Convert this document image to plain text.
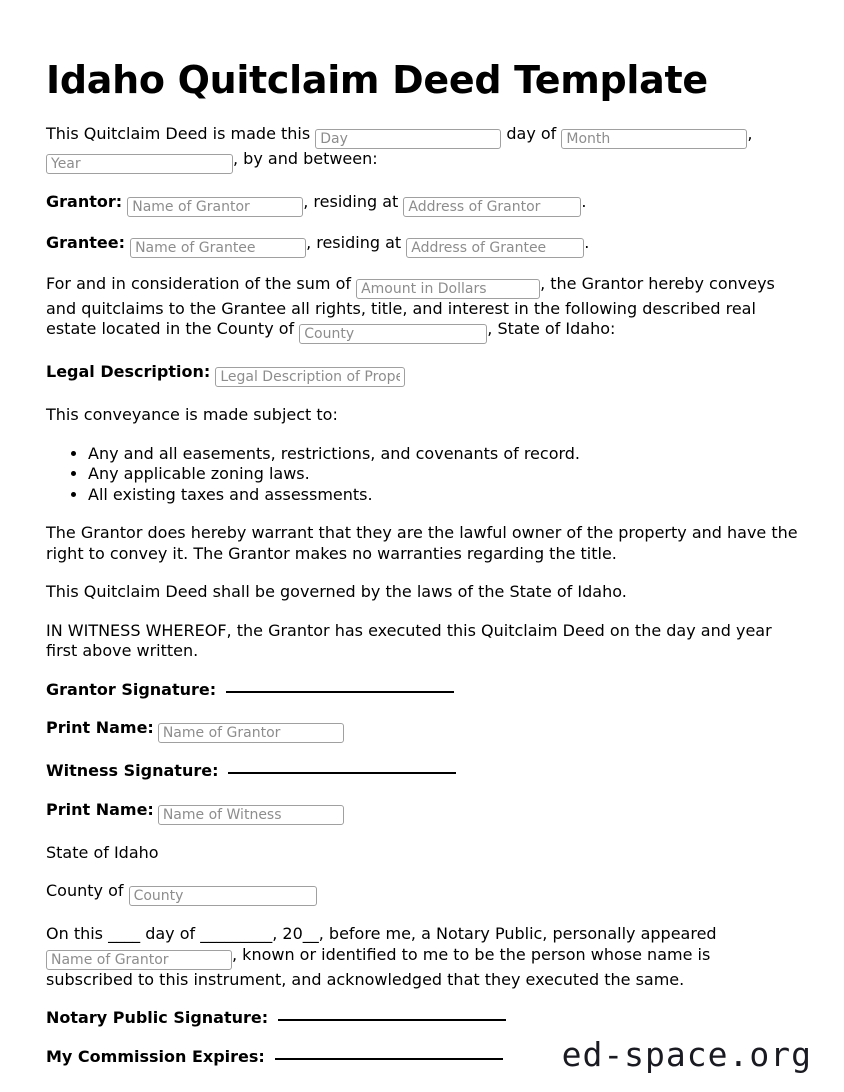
Idaho Quitclaim Deed Template

This Quitclaim Deed is made this Day	day of Month	, Year, by and between:

Grantor: Name of Grantor	, residing at Address of Grantor	.

Grantee: Name of Grantee	, residing at Address of Grantee	.

For and in consideration of the sum of Amount in Dollars	, the Grantor hereby conveys and quitclaims to the Grantee all rights, title, and interest in the following described real estate located in the County of County	, State of Idaho:

Legal Description: Legal Description of Property

This conveyance is made subject to:

• Any and all easements, restrictions, and covenants of record.
• Any applicable zoning laws.
• All existing taxes and assessments.

The Grantor does hereby warrant that they are the lawful owner of the property and have the right to convey it. The Grantor makes no warranties regarding the title.

This Quitclaim Deed shall be governed by the laws of the State of Idaho.

IN WITNESS WHEREOF, the Grantor has executed this Quitclaim Deed on the day and year first above written.

Grantor Signature:
Print Name:Name of Grantor
Witness Signature:
Print Name:Name of Witness
State of Idaho
County of County

On this ____ day of _________, 20__, before me, a Notary Public, personally appeared Name of Grantor, known or identified to me to be the person whose name is subscribed to this instrument, and acknowledged that they executed the same.

Notary Public Signature:
My Commission Expires:	ed-space.org
